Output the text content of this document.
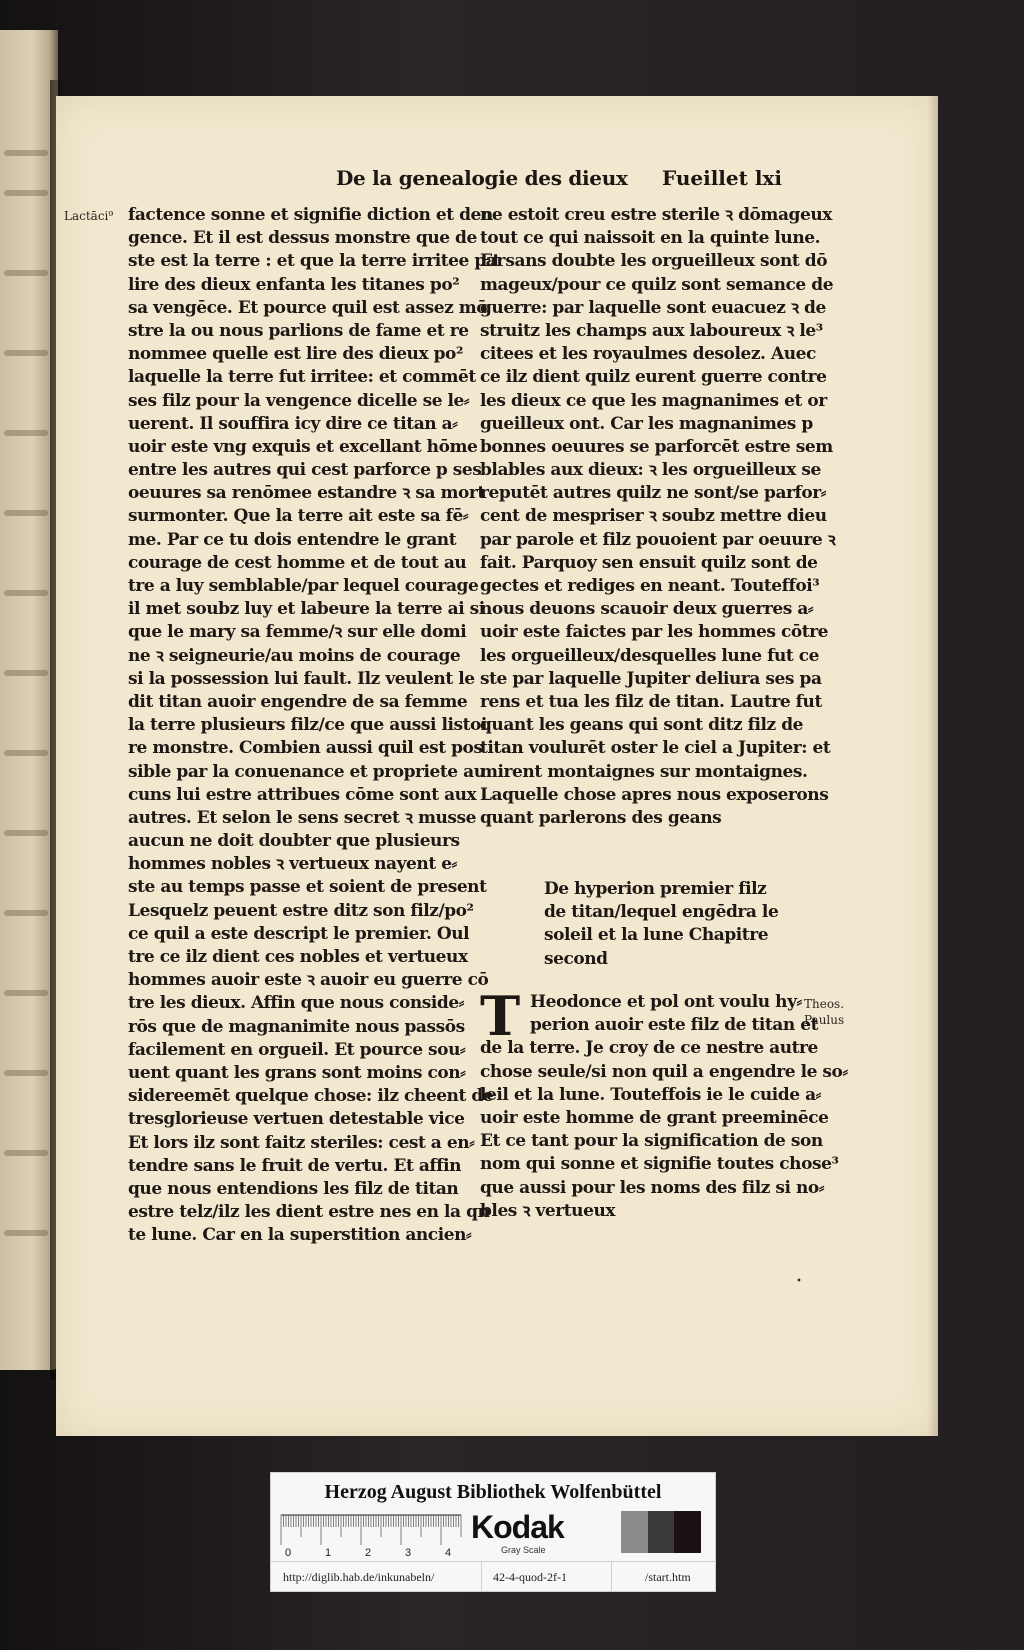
De la genealogie des dieux Fueillet lxi
Lactāci⁹
Theos.
Paulus
factence sonne et signifie diction et den
gence. Et il est dessus monstre que de
ste est la terre : et que la terre irritee par
lire des dieux enfanta les titanes po²
sa vengēce. Et pource quil est assez mō
stre la ou nous parlions de fame et re
nommee quelle est lire des dieux po²
laquelle la terre fut irritee: et commēt
ses filz pour la vengence dicelle se le⸗
uerent. Il souffira icy dire ce titan a⸗
uoir este vng exquis et excellant hōme
entre les autres qui cest parforce p ses
oeuures sa renōmee estandre ꝛ sa mort
surmonter. Que la terre ait este sa fē⸗
me. Par ce tu dois entendre le grant
courage de cest homme et de tout au
tre a luy semblable/par lequel courage
il met soubz luy et labeure la terre ai si
que le mary sa femme/ꝛ sur elle domi
ne ꝛ seigneurie/au moins de courage
si la possession lui fault. Ilz veulent le
dit titan auoir engendre de sa femme
la terre plusieurs filz/ce que aussi listoi
re monstre. Combien aussi quil est pos
sible par la conuenance et propriete au
cuns lui estre attribues cōme sont aux
autres. Et selon le sens secret ꝛ musse
aucun ne doit doubter que plusieurs
hommes nobles ꝛ vertueux nayent e⸗
ste au temps passe et soient de present
Lesquelz peuent estre ditz son filz/po²
ce quil a este descript le premier. Oul
tre ce ilz dient ces nobles et vertueux
hommes auoir este ꝛ auoir eu guerre cō
tre les dieux. Affin que nous conside⸗
rōs que de magnanimite nous passōs
facilement en orgueil. Et pource sou⸗
uent quant les grans sont moins con⸗
sidereemēt quelque chose: ilz cheent de
tresglorieuse vertuen detestable vice
Et lors ilz sont faitz steriles: cest a en⸗
tendre sans le fruit de vertu. Et affin
que nous entendions les filz de titan
estre telz/ilz les dient estre nes en la qn
te lune. Car en la superstition ancien⸗
ne estoit creu estre sterile ꝛ dōmageux
tout ce qui naissoit en la quinte lune.
Et sans doubte les orgueilleux sont dō
mageux/pour ce quilz sont semance de
guerre: par laquelle sont euacuez ꝛ de
struitz les champs aux laboureux ꝛ le³
citees et les royaulmes desolez. Auec
ce ilz dient quilz eurent guerre contre
les dieux ce que les magnanimes et or
gueilleux ont. Car les magnanimes p
bonnes oeuures se parforcēt estre sem
blables aux dieux: ꝛ les orgueilleux se
reputēt autres quilz ne sont/se parfor⸗
cent de mespriser ꝛ soubz mettre dieu
par parole et filz pouoient par oeuure ꝛ
fait. Parquoy sen ensuit quilz sont de
gectes et rediges en neant. Touteffoi³
nous deuons scauoir deux guerres a⸗
uoir este faictes par les hommes cōtre
les orgueilleux/desquelles lune fut ce
ste par laquelle Jupiter deliura ses pa
rens et tua les filz de titan. Lautre fut
quant les geans qui sont ditz filz de
titan voulurēt oster le ciel a Jupiter: et
mirent montaignes sur montaignes.
Laquelle chose apres nous exposerons
quant parlerons des geans
De hyperion premier filz
de titan/lequel engēdra le
soleil et la lune Chapitre
second
T Heodonce et pol ont voulu hy⸗
perion auoir este filz de titan et
de la terre. Je croy de ce nestre autre
chose seule/si non quil a engendre le so⸗
leil et la lune. Touteffois ie le cuide a⸗
uoir este homme de grant preeminēce
Et ce tant pour la signification de son
nom qui sonne et signifie toutes chose³
que aussi pour les noms des filz si no⸗
bles ꝛ vertueux
•
Herzog August Bibliothek Wolfenbüttel
0	1	2	3	4
Kodak
Gray Scale
http://diglib.hab.de/inkunabeln/	42-4-quod-2f-1	/start.htm
